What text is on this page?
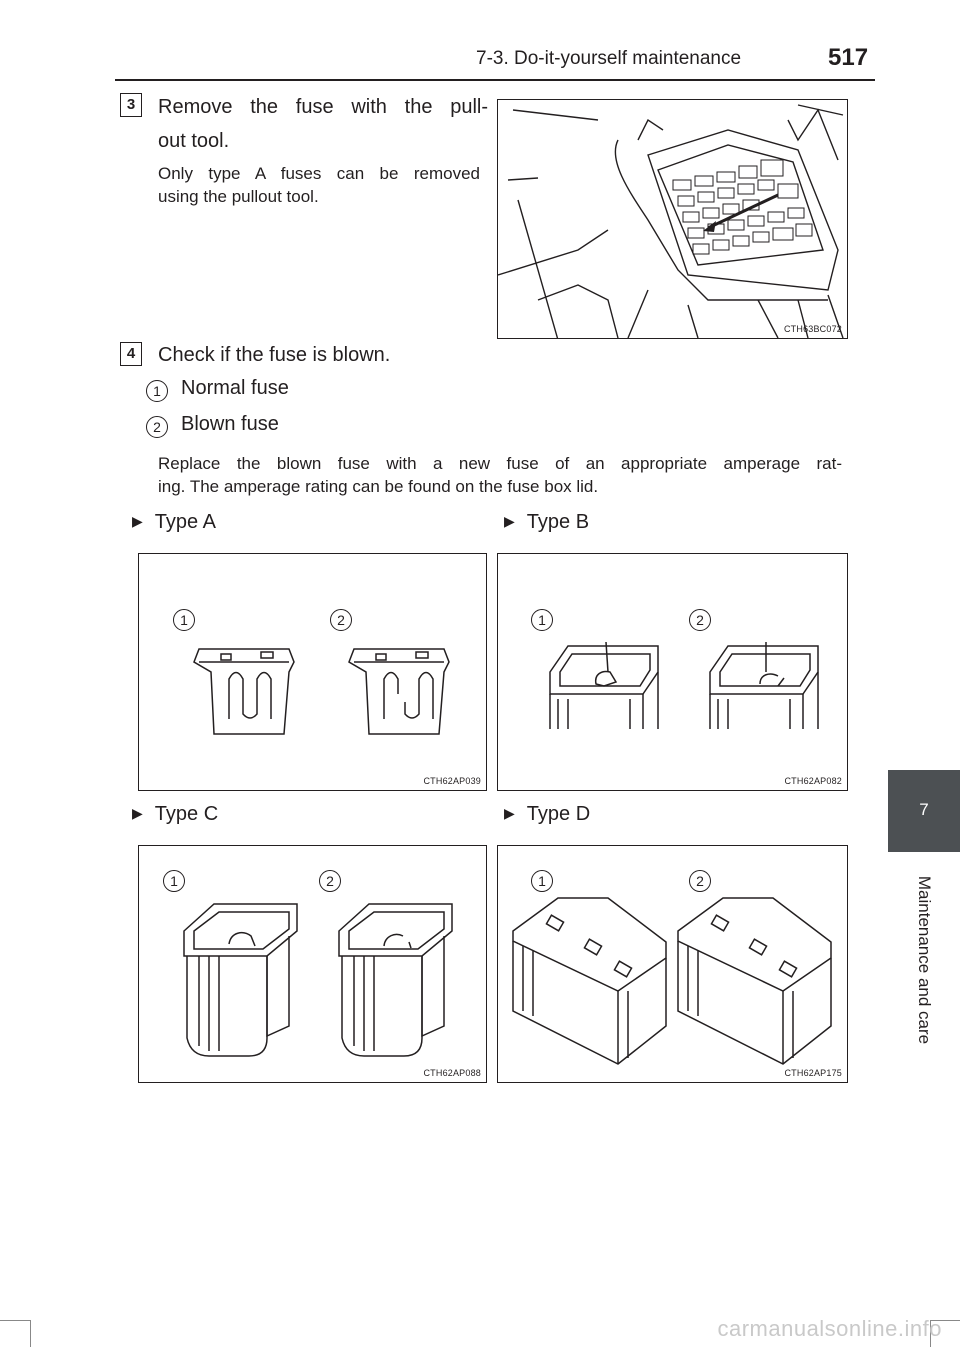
7-3. Do-it-yourself maintenance	517
7
Maintenance and care
3	Remove the fuse with the pull-
out tool.
Only type A fuses can be removed
using the pullout tool.
CTH63BC072
4	Check if the fuse is blown.
1	Normal fuse
2	Blown fuse
Replace the blown fuse with a new fuse of an appropriate amperage rat-
ing. The amperage rating can be found on the fuse box lid.
▶ Type A	▶ Type B
▶ Type C	▶ Type D
1	2
CTH62AP039
1	2
CTH62AP082
1	2
CTH62AP088
1	2
CTH62AP175
carmanualsonline.info
